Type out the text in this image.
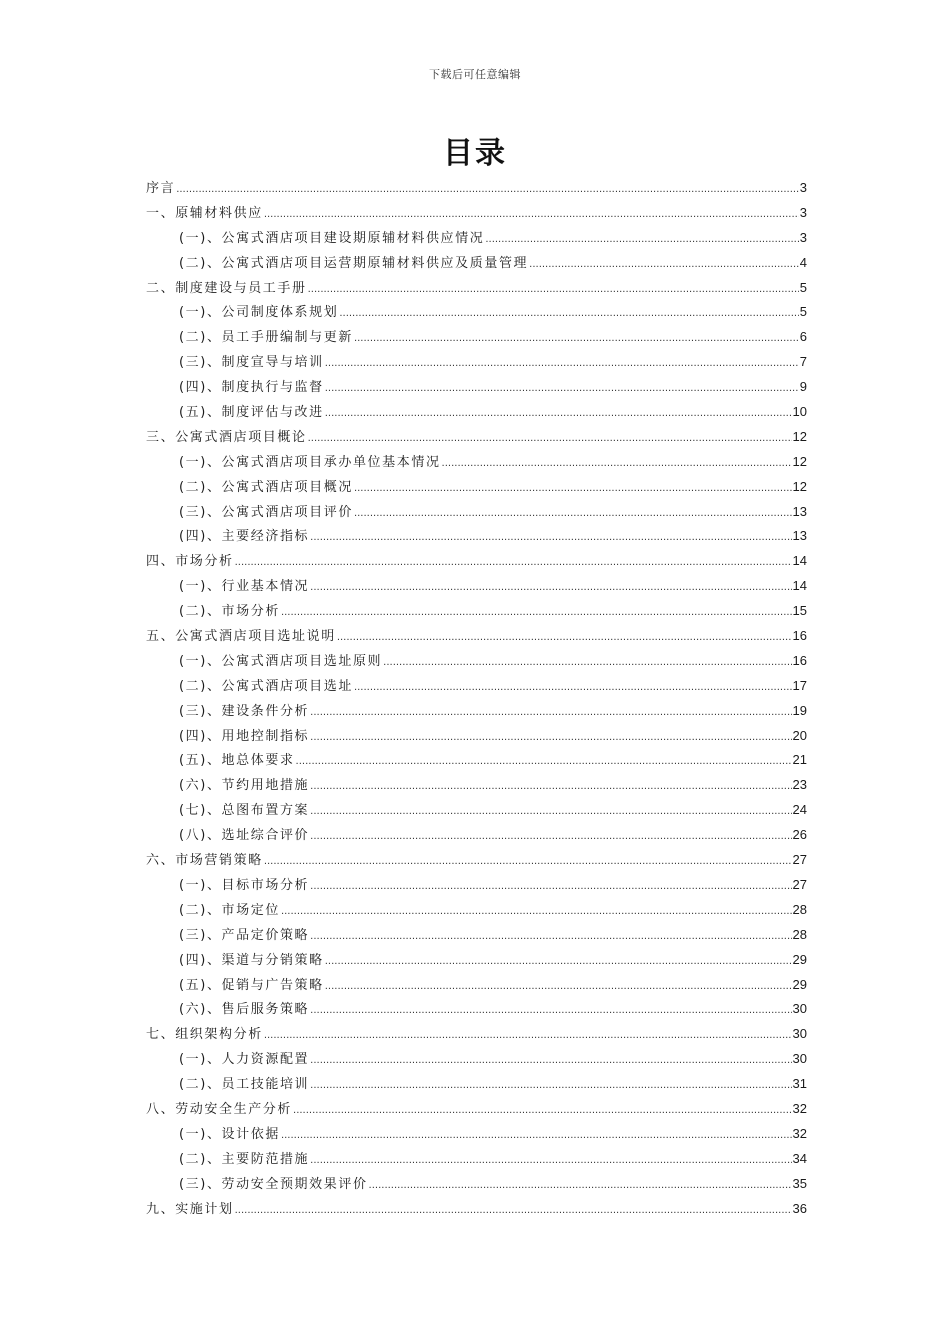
下载后可任意编辑
目录
序言 .....	3
一、原辅材料供应 .....	3
(一)、公寓式酒店项目建设期原辅材料供应情况 .....	3
(二)、公寓式酒店项目运营期原辅材料供应及质量管理 .....	4
二、制度建设与员工手册 .....	5
(一)、公司制度体系规划 .....	5
(二)、员工手册编制与更新 .....	6
(三)、制度宣导与培训 .....	7
(四)、制度执行与监督 .....	9
(五)、制度评估与改进 .....	10
三、公寓式酒店项目概论 .....	12
(一)、公寓式酒店项目承办单位基本情况 .....	12
(二)、公寓式酒店项目概况 .....	12
(三)、公寓式酒店项目评价 .....	13
(四)、主要经济指标 .....	13
四、市场分析 .....	14
(一)、行业基本情况 .....	14
(二)、市场分析 .....	15
五、公寓式酒店项目选址说明 .....	16
(一)、公寓式酒店项目选址原则 .....	16
(二)、公寓式酒店项目选址 .....	17
(三)、建设条件分析 .....	19
(四)、用地控制指标 .....	20
(五)、地总体要求 .....	21
(六)、节约用地措施 .....	23
(七)、总图布置方案 .....	24
(八)、选址综合评价 .....	26
六、市场营销策略 .....	27
(一)、目标市场分析 .....	27
(二)、市场定位 .....	28
(三)、产品定价策略 .....	28
(四)、渠道与分销策略 .....	29
(五)、促销与广告策略 .....	29
(六)、售后服务策略 .....	30
七、组织架构分析 .....	30
(一)、人力资源配置 .....	30
(二)、员工技能培训 .....	31
八、劳动安全生产分析 .....	32
(一)、设计依据 .....	32
(二)、主要防范措施 .....	34
(三)、劳动安全预期效果评价 .....	35
九、实施计划 .....	36
